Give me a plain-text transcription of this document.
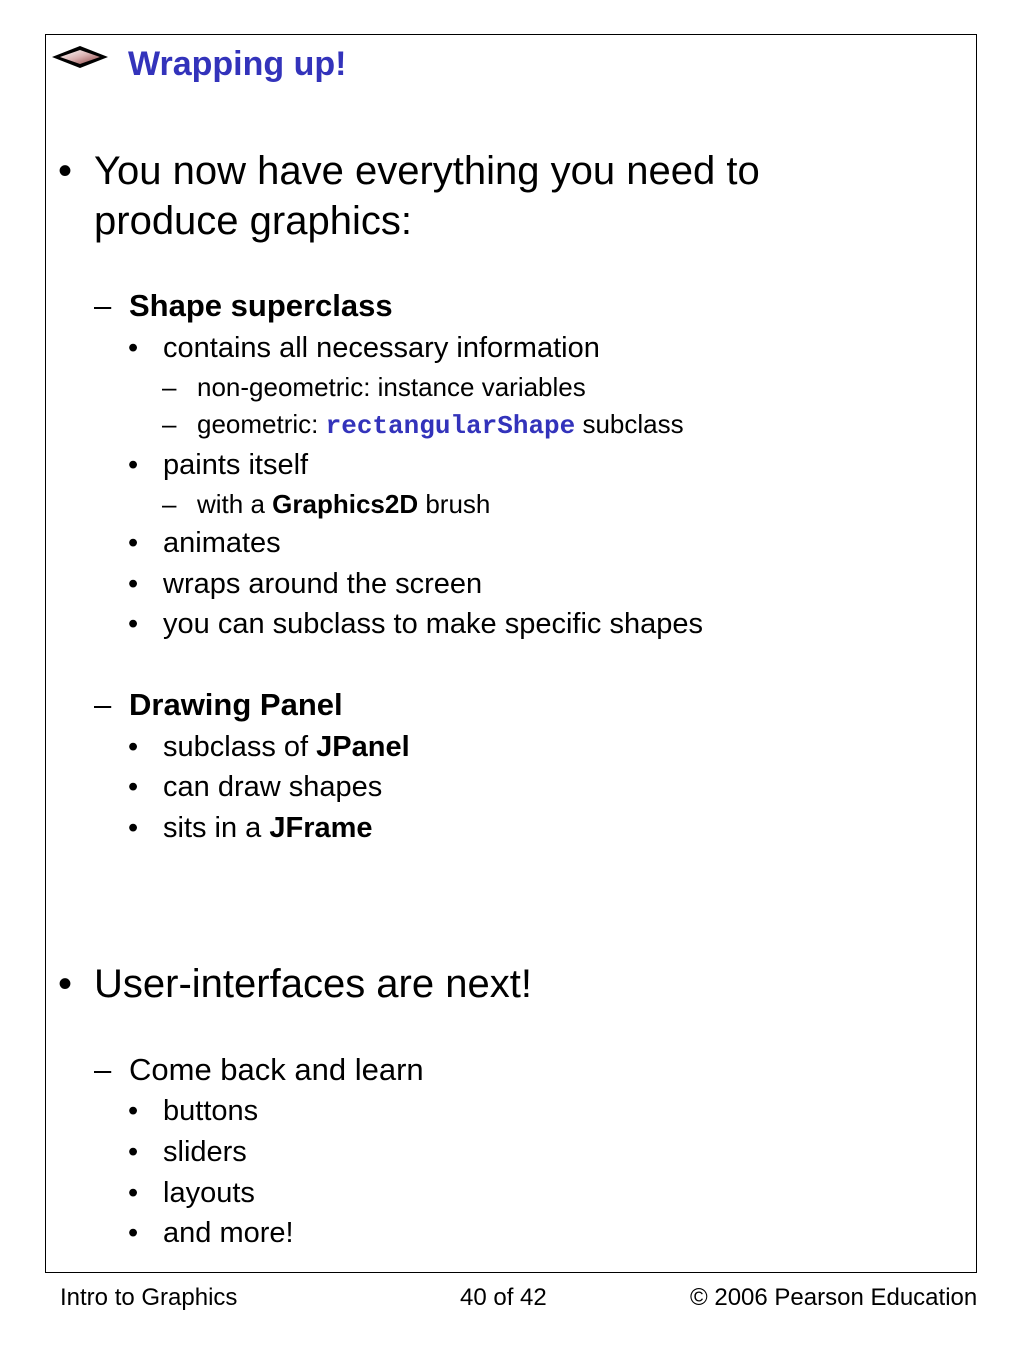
Wrapping up!
• You now have everything you need to
produce graphics:
– Shape superclass
• contains all necessary information
– non-geometric: instance variables
– geometric: rectangularShape subclass
• paints itself
– with a Graphics2D brush
• animates
• wraps around the screen
• you can subclass to make specific shapes
– Drawing Panel
• subclass of JPanel
• can draw shapes
• sits in a JFrame
• User-interfaces are next!
– Come back and learn
• buttons
• sliders
• layouts
• and more!
Intro to Graphics	40 of 42	© 2006 Pearson Education
